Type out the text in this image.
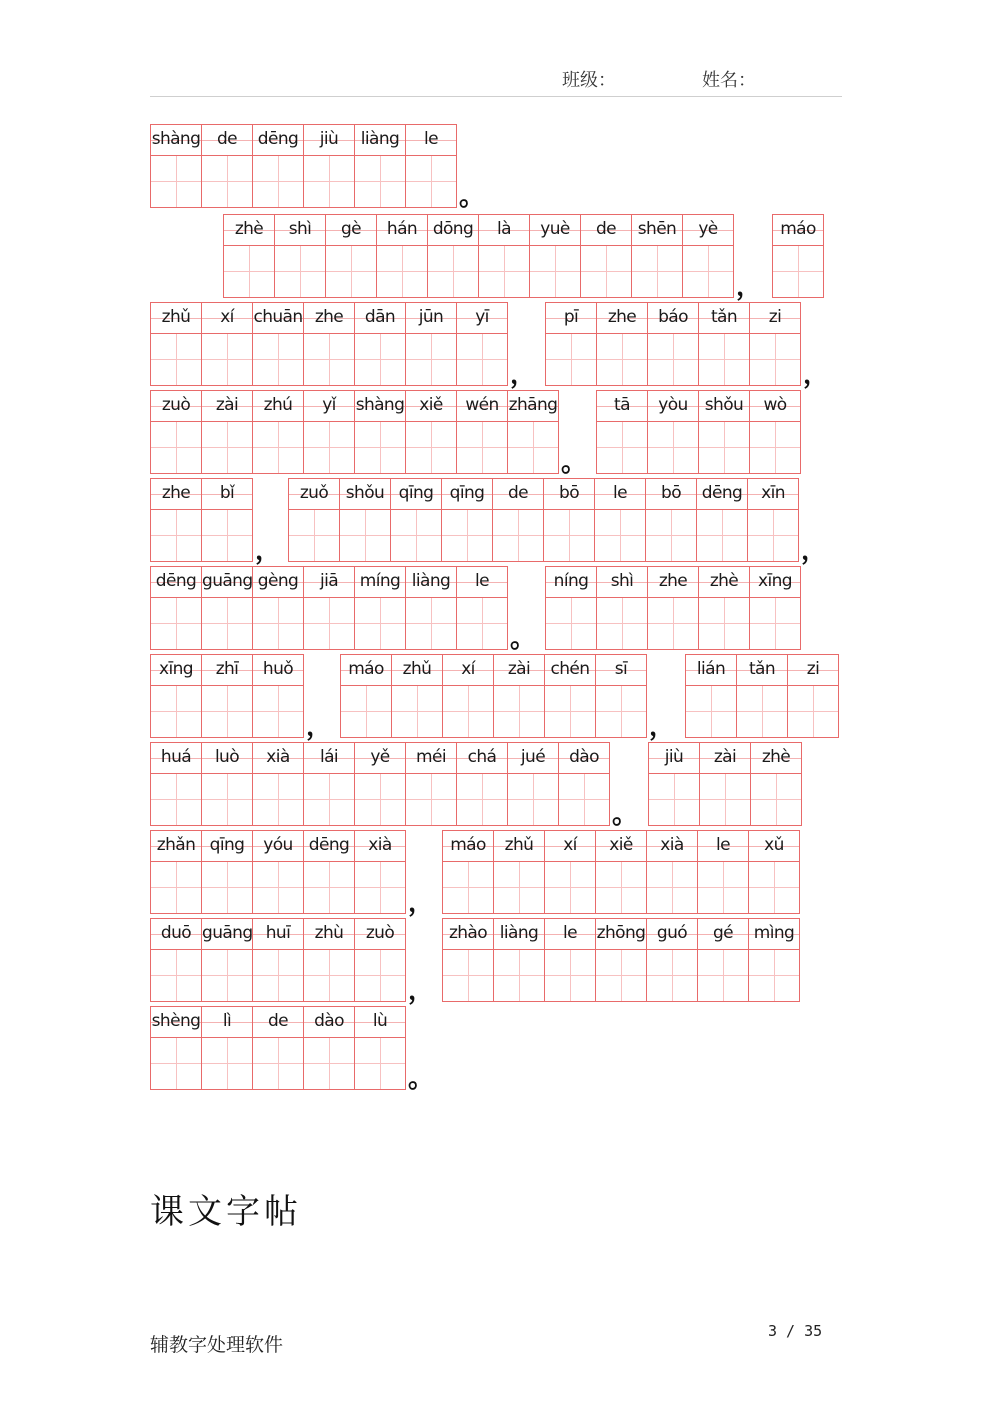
班级：	姓名：
shàng de	dēng	jiù	liàng	le
。
zhè	shì	gè	hán dōng	là	yuè	de	shēn	yè
，
máo
zhǔ	xí	chuān zhe	dān	jūn	yī
，
pī	zhe	báo	tǎn	zi
，
zuò	zài	zhú	yǐ	shàng xiě	wén zhāng
。
tā	yòu	shǒu	wò
zhe	bǐ
，
zuǒ	shǒu qīng qīng	de	bō	le	bō	dēng	xīn
，
dēng guāng gèng	jiā	míng liàng	le
。
níng	shì	zhe	zhè	xīng
xīng	zhī	huǒ
，
máo	zhǔ	xí	zài	chén	sī
，
lián	tǎn	zi
huá	luò	xià	lái	yě	méi	chá	jué	dào
。
jiù	zài	zhè
zhǎn qīng	yóu dēng	xià
，
máo	zhǔ	xí	xiě	xià	le	xǔ
duō guāng huī	zhù	zuò
，
zhào liàng	le	zhōng guó	gé	mìng
shèng	lì	de	dào	lù
。
课文字帖
辅教字处理软件
3 / 35
